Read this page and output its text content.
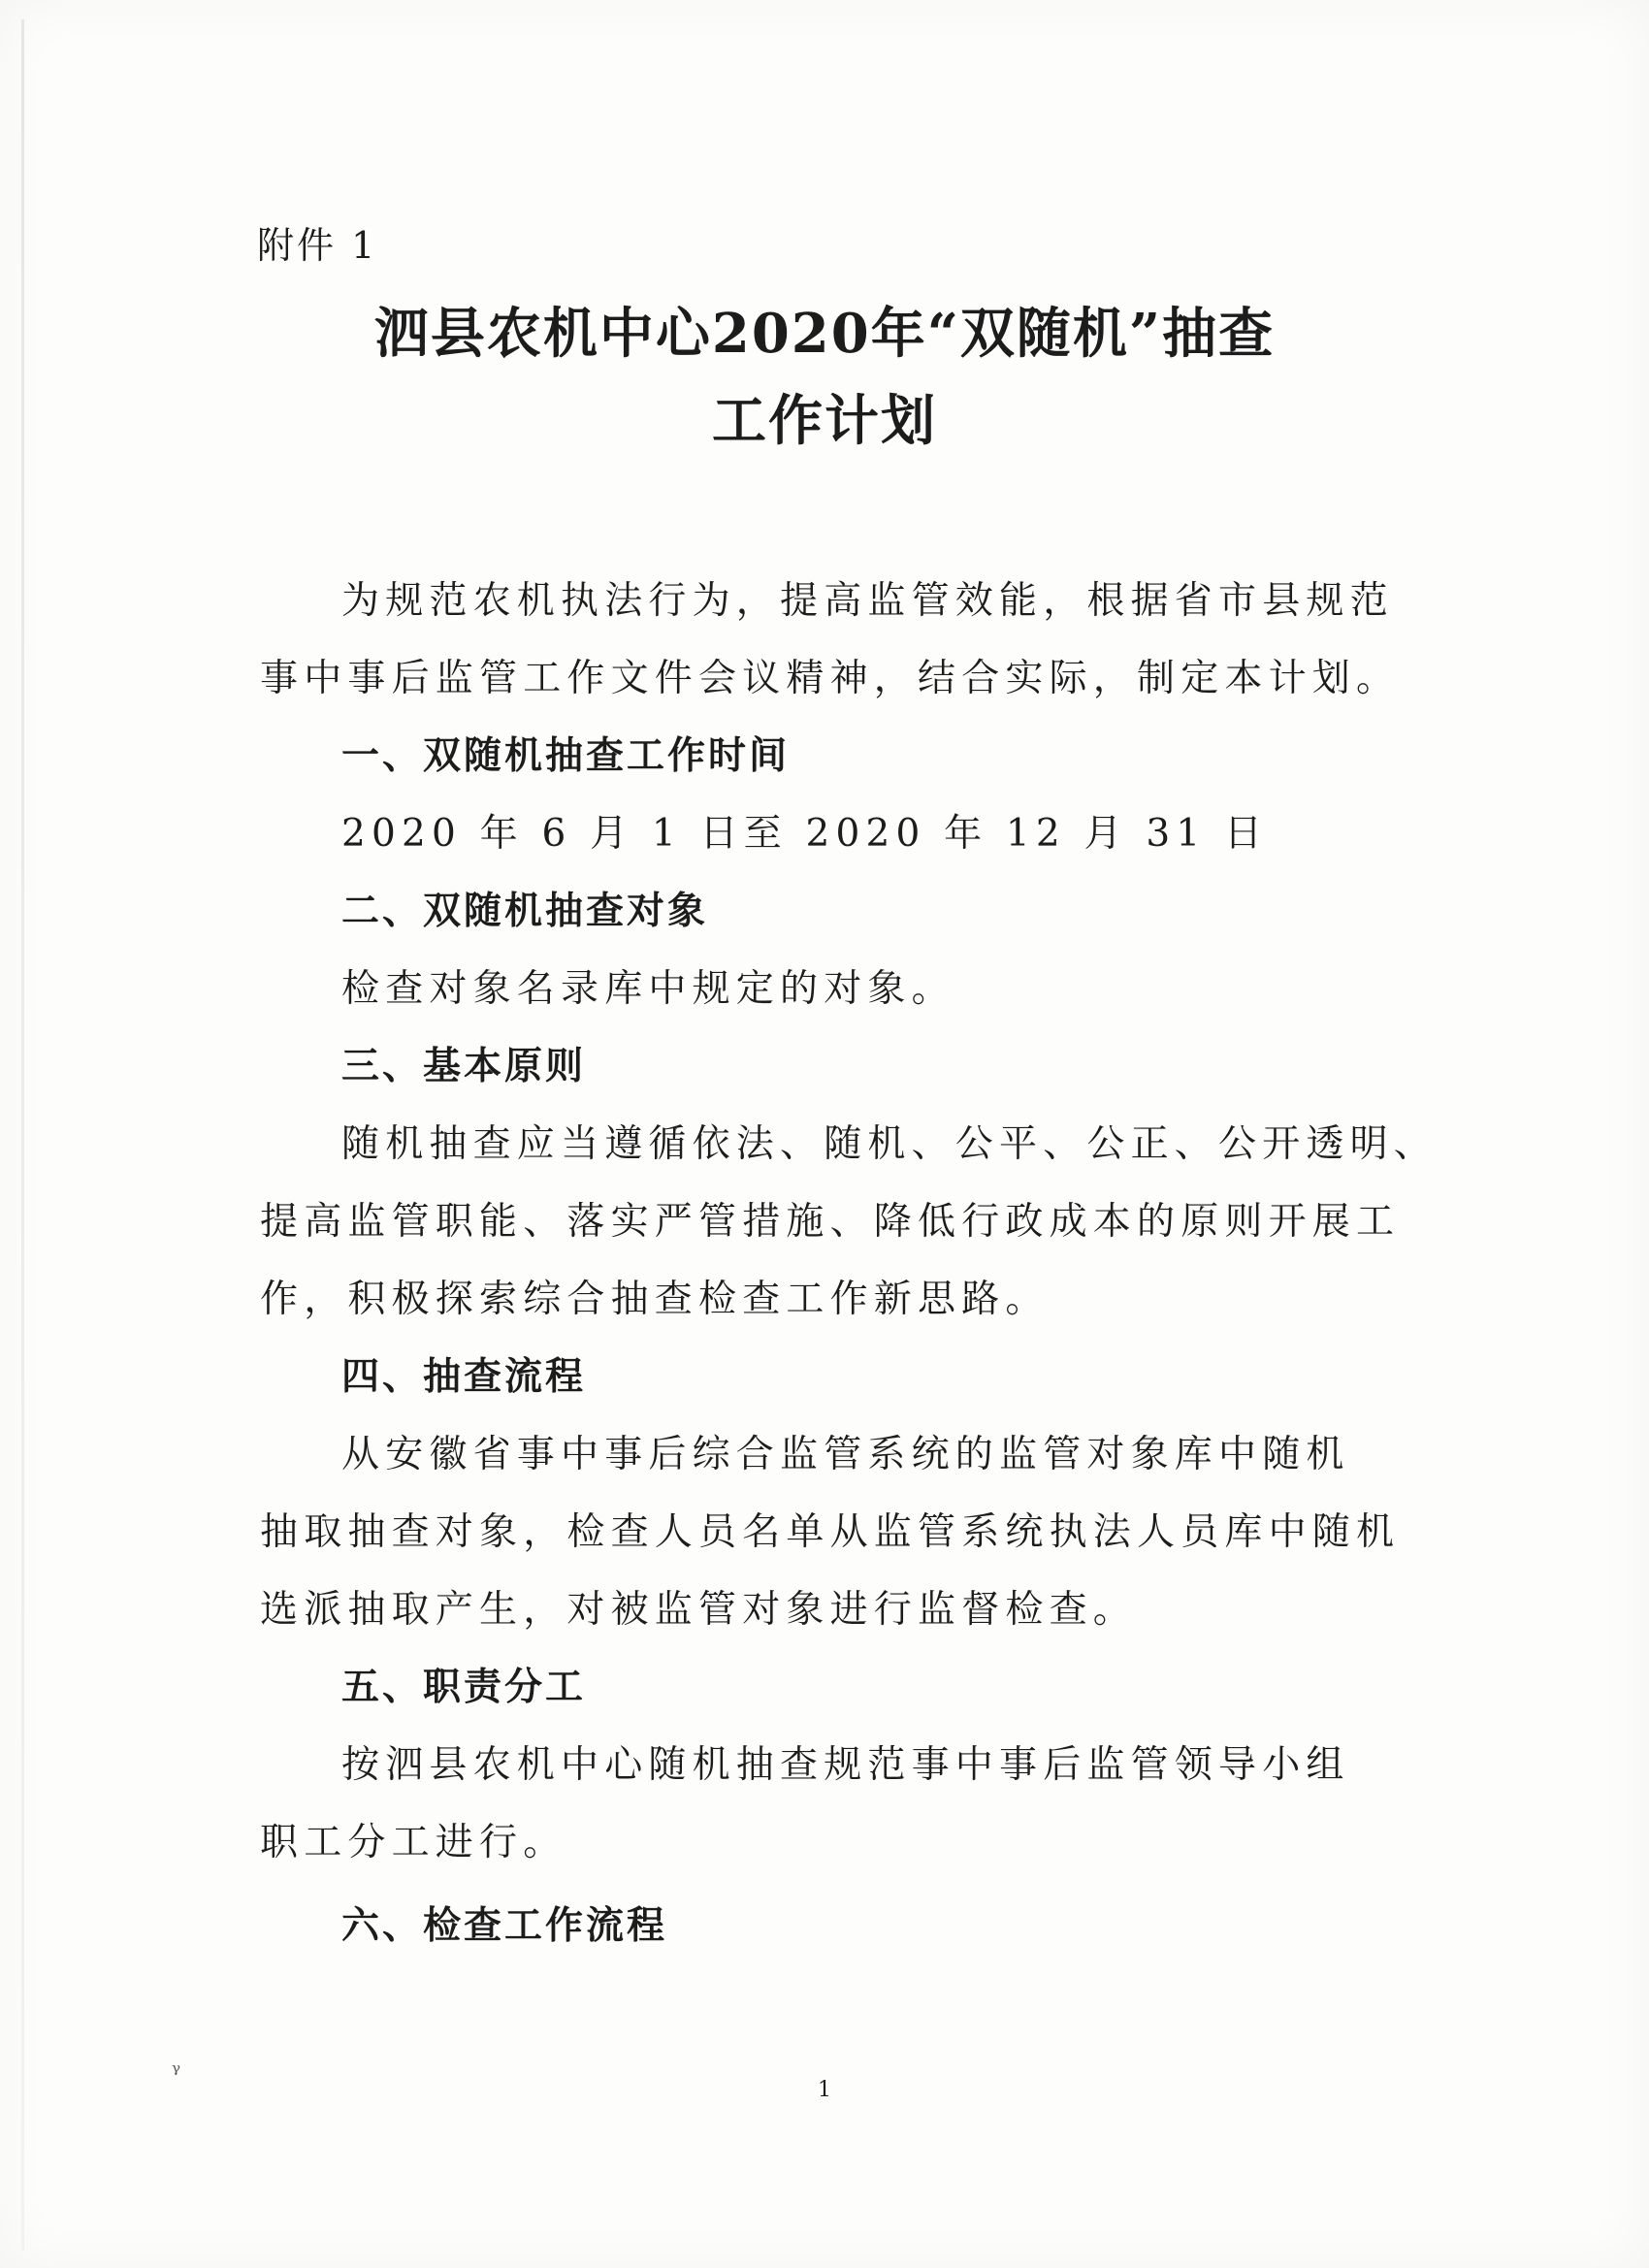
附件 1
泗县农机中心2020年“双随机”抽查
工作计划
为规范农机执法行为，提高监管效能，根据省市县规范
事中事后监管工作文件会议精神，结合实际，制定本计划。
一、双随机抽查工作时间
2020 年 6 月 1 日至 2020 年 12 月 31 日
二、双随机抽查对象
检查对象名录库中规定的对象。
三、基本原则
随机抽查应当遵循依法、随机、公平、公正、公开透明、
提高监管职能、落实严管措施、降低行政成本的原则开展工
作，积极探索综合抽查检查工作新思路。
四、抽查流程
从安徽省事中事后综合监管系统的监管对象库中随机
抽取抽查对象，检查人员名单从监管系统执法人员库中随机
选派抽取产生，对被监管对象进行监督检查。
五、职责分工
按泗县农机中心随机抽查规范事中事后监管领导小组
职工分工进行。
六、检查工作流程
ᵞ
1
